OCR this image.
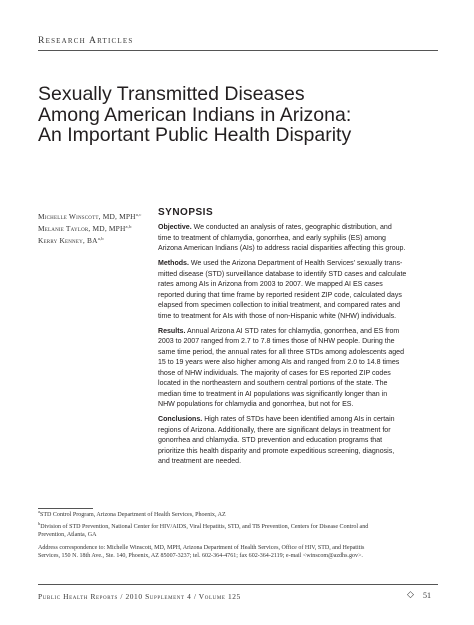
Research Articles
Sexually Transmitted Diseases
Among American Indians in Arizona:
An Important Public Health Disparity
Michelle Winscott, MD, MPH$^{a,c}$
Melanie Taylor, MD, MPH$^{a,b}$
Kerry Kenney, BA$^{a,b}$
SYNOPSIS

Objective. We conducted an analysis of rates, geographic distribution, and
time to treatment of chlamydia, gonorrhea, and early syphilis (ES) among
Arizona American Indians (AIs) to address racial disparities affecting this group.

Methods. We used the Arizona Department of Health Services’ sexually trans-
mitted disease (STD) surveillance database to identify STD cases and calculate
rates among AIs in Arizona from 2003 to 2007. We mapped AI ES cases
reported during that time frame by reported resident ZIP code, calculated days
elapsed from specimen collection to initial treatment, and compared rates and
time to treatment for AIs with those of non-Hispanic white (NHW) individuals.

Results. Annual Arizona AI STD rates for chlamydia, gonorrhea, and ES from
2003 to 2007 ranged from 2.7 to 7.8 times those of NHW people. During the
same time period, the annual rates for all three STDs among adolescents aged
15 to 19 years were also higher among AIs and ranged from 2.0 to 14.8 times
those of NHW individuals. The majority of cases for ES reported ZIP codes
located in the northeastern and southern central portions of the state. The
median time to treatment in AI populations was significantly longer than in
NHW populations for chlamydia and gonorrhea, but not for ES.

Conclusions. High rates of STDs have been identified among AIs in certain
regions of Arizona. Additionally, there are significant delays in treatment for
gonorrhea and chlamydia. STD prevention and education programs that
prioritize this health disparity and promote expeditious screening, diagnosis,
and treatment are needed.

$^a$STD Control Program, Arizona Department of Health Services, Phoenix, AZ
$^b$Division of STD Prevention, National Center for HIV/AIDS, Viral Hepatitis, STD, and TB Prevention, Centers for Disease Control and
Prevention, Atlanta, GA
Address correspondence to: Michelle Winscott, MD, MPH, Arizona Department of Health Services, Office of HIV, STD, and Hepatitis
Services, 150 N. 18th Ave., Ste. 140, Phoenix, AZ 85007-3237; tel. 602-364-4761; fax 602-364-2119; e-mail <winscom@azdhs.gov>.
Public Health Reports / 2010 Supplement 4 / Volume 125	◇ 51
